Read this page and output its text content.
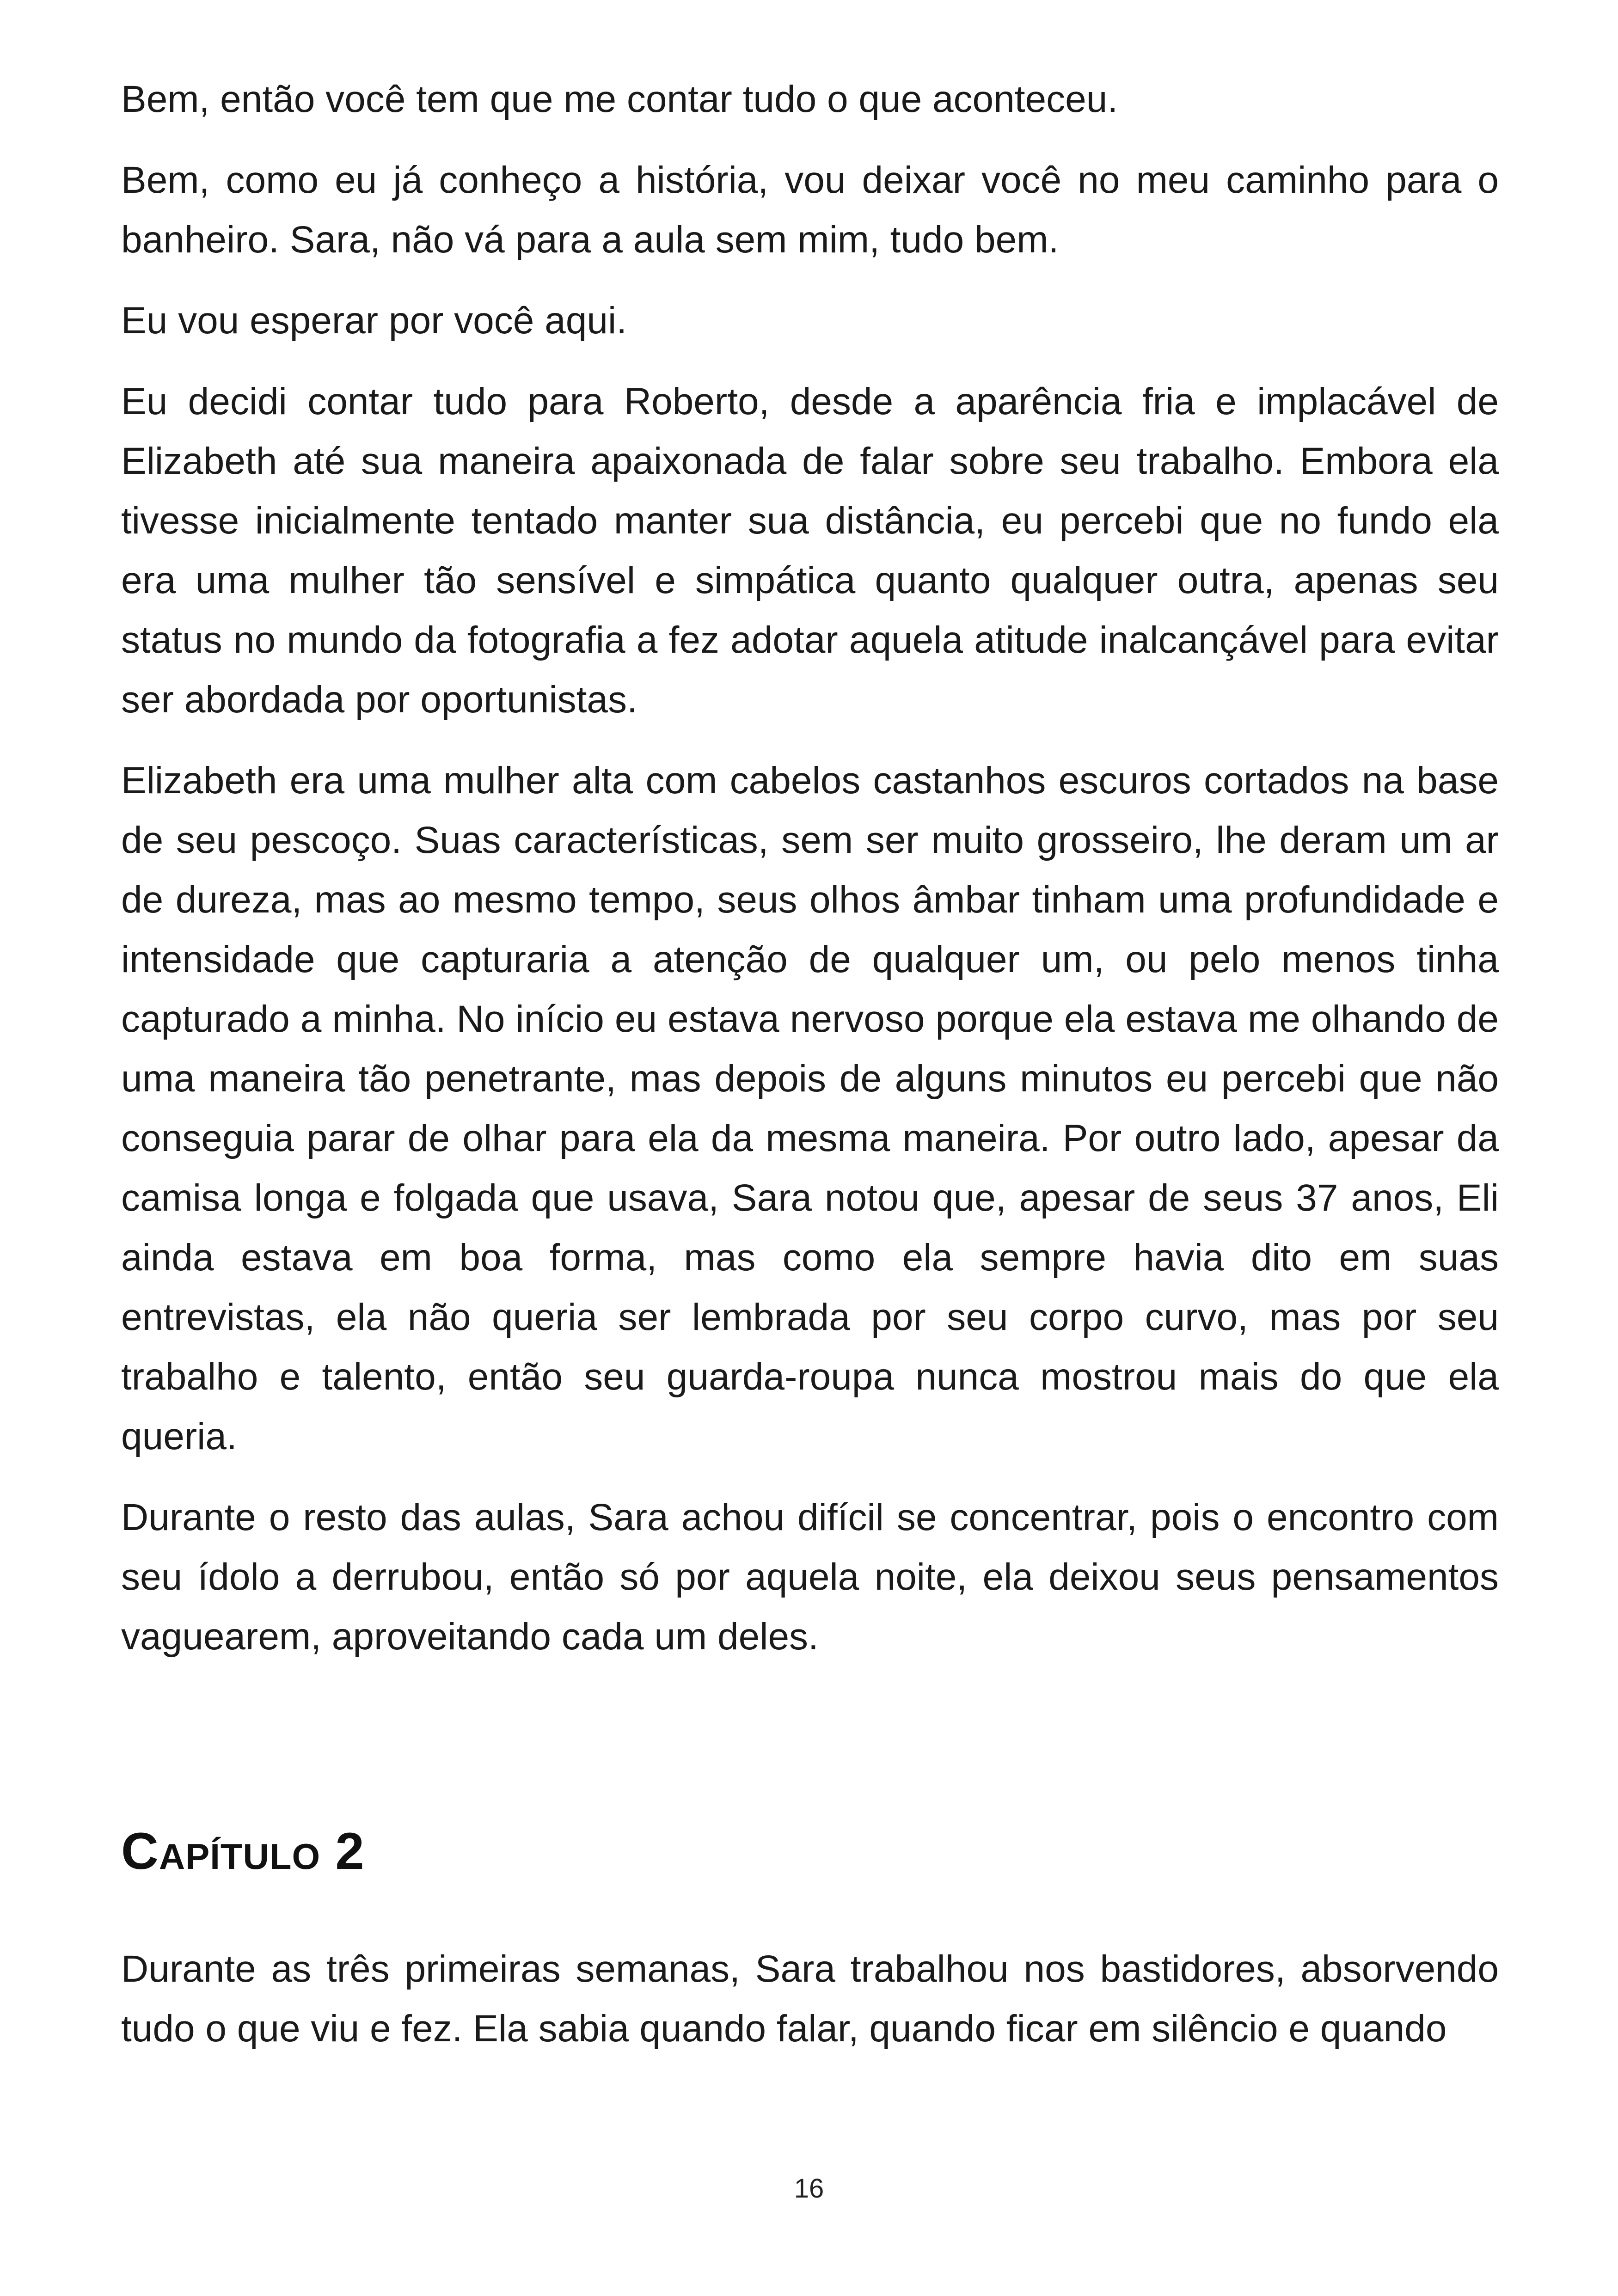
Bem, então você tem que me contar tudo o que aconteceu.

Bem, como eu já conheço a história, vou deixar você no meu caminho para o banheiro. Sara, não vá para a aula sem mim, tudo bem.

Eu vou esperar por você aqui.

Eu decidi contar tudo para Roberto, desde a aparência fria e implacável de Elizabeth até sua maneira apaixonada de falar sobre seu trabalho. Embora ela tivesse inicialmente tentado manter sua distância, eu percebi que no fundo ela era uma mulher tão sensível e simpática quanto qualquer outra, apenas seu status no mundo da fotografia a fez adotar aquela atitude inalcançável para evitar ser abordada por oportunistas.

Elizabeth era uma mulher alta com cabelos castanhos escuros cortados na base de seu pescoço. Suas características, sem ser muito grosseiro, lhe deram um ar de dureza, mas ao mesmo tempo, seus olhos âmbar tinham uma profundidade e intensidade que capturaria a atenção de qualquer um, ou pelo menos tinha capturado a minha. No início eu estava nervoso porque ela estava me olhando de uma maneira tão penetrante, mas depois de alguns minutos eu percebi que não conseguia parar de olhar para ela da mesma maneira. Por outro lado, apesar da camisa longa e folgada que usava, Sara notou que, apesar de seus 37 anos, Eli ainda estava em boa forma, mas como ela sempre havia dito em suas entrevistas, ela não queria ser lembrada por seu corpo curvo, mas por seu trabalho e talento, então seu guarda-roupa nunca mostrou mais do que ela queria.

Durante o resto das aulas, Sara achou difícil se concentrar, pois o encontro com seu ídolo a derrubou, então só por aquela noite, ela deixou seus pensamentos vaguearem, aproveitando cada um deles.

Capítulo 2

Durante as três primeiras semanas, Sara trabalhou nos bastidores, absorvendo tudo o que viu e fez. Ela sabia quando falar, quando ficar em silêncio e quando

16
